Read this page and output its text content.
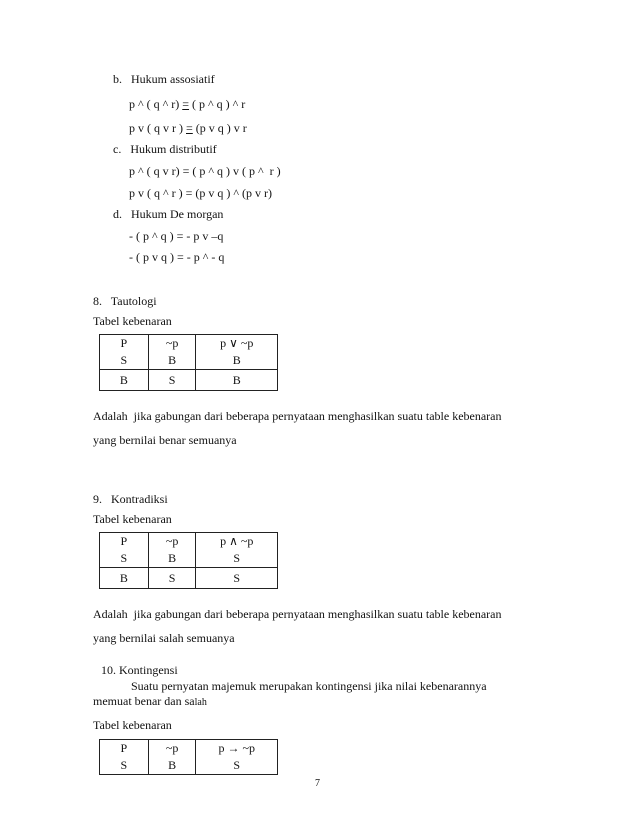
b.   Hukum assosiatif
p ^ ( q ^ r) = ( p ^ q ) ^ r
p v ( q v r ) = (p v q ) v r
c.   Hukum distributif
p ^ ( q v r) = ( p ^ q ) v ( p ^  r )
p v ( q ^ r ) = (p v q ) ^ (p v r)
d.   Hukum De morgan
- ( p ^ q ) = - p v –q
- ( p v q ) = - p ^ - q
8.   Tautologi
Tabel kebenaran
P	~p	p ∨ ~p
S	B	B
B	S	B
Adalah  jika gabungan dari beberapa pernyataan menghasilkan suatu table kebenaran
yang bernilai benar semuanya
9.   Kontradiksi
Tabel kebenaran
P	~p	p ∧ ~p
S	B	S
B	S	S
Adalah  jika gabungan dari beberapa pernyataan menghasilkan suatu table kebenaran
yang bernilai salah semuanya
10. Kontingensi
Suatu pernyatan majemuk merupakan kontingensi jika nilai kebenarannya
memuat benar dan salah
Tabel kebenaran
P	~p	p → ~p
S	B	S
7
